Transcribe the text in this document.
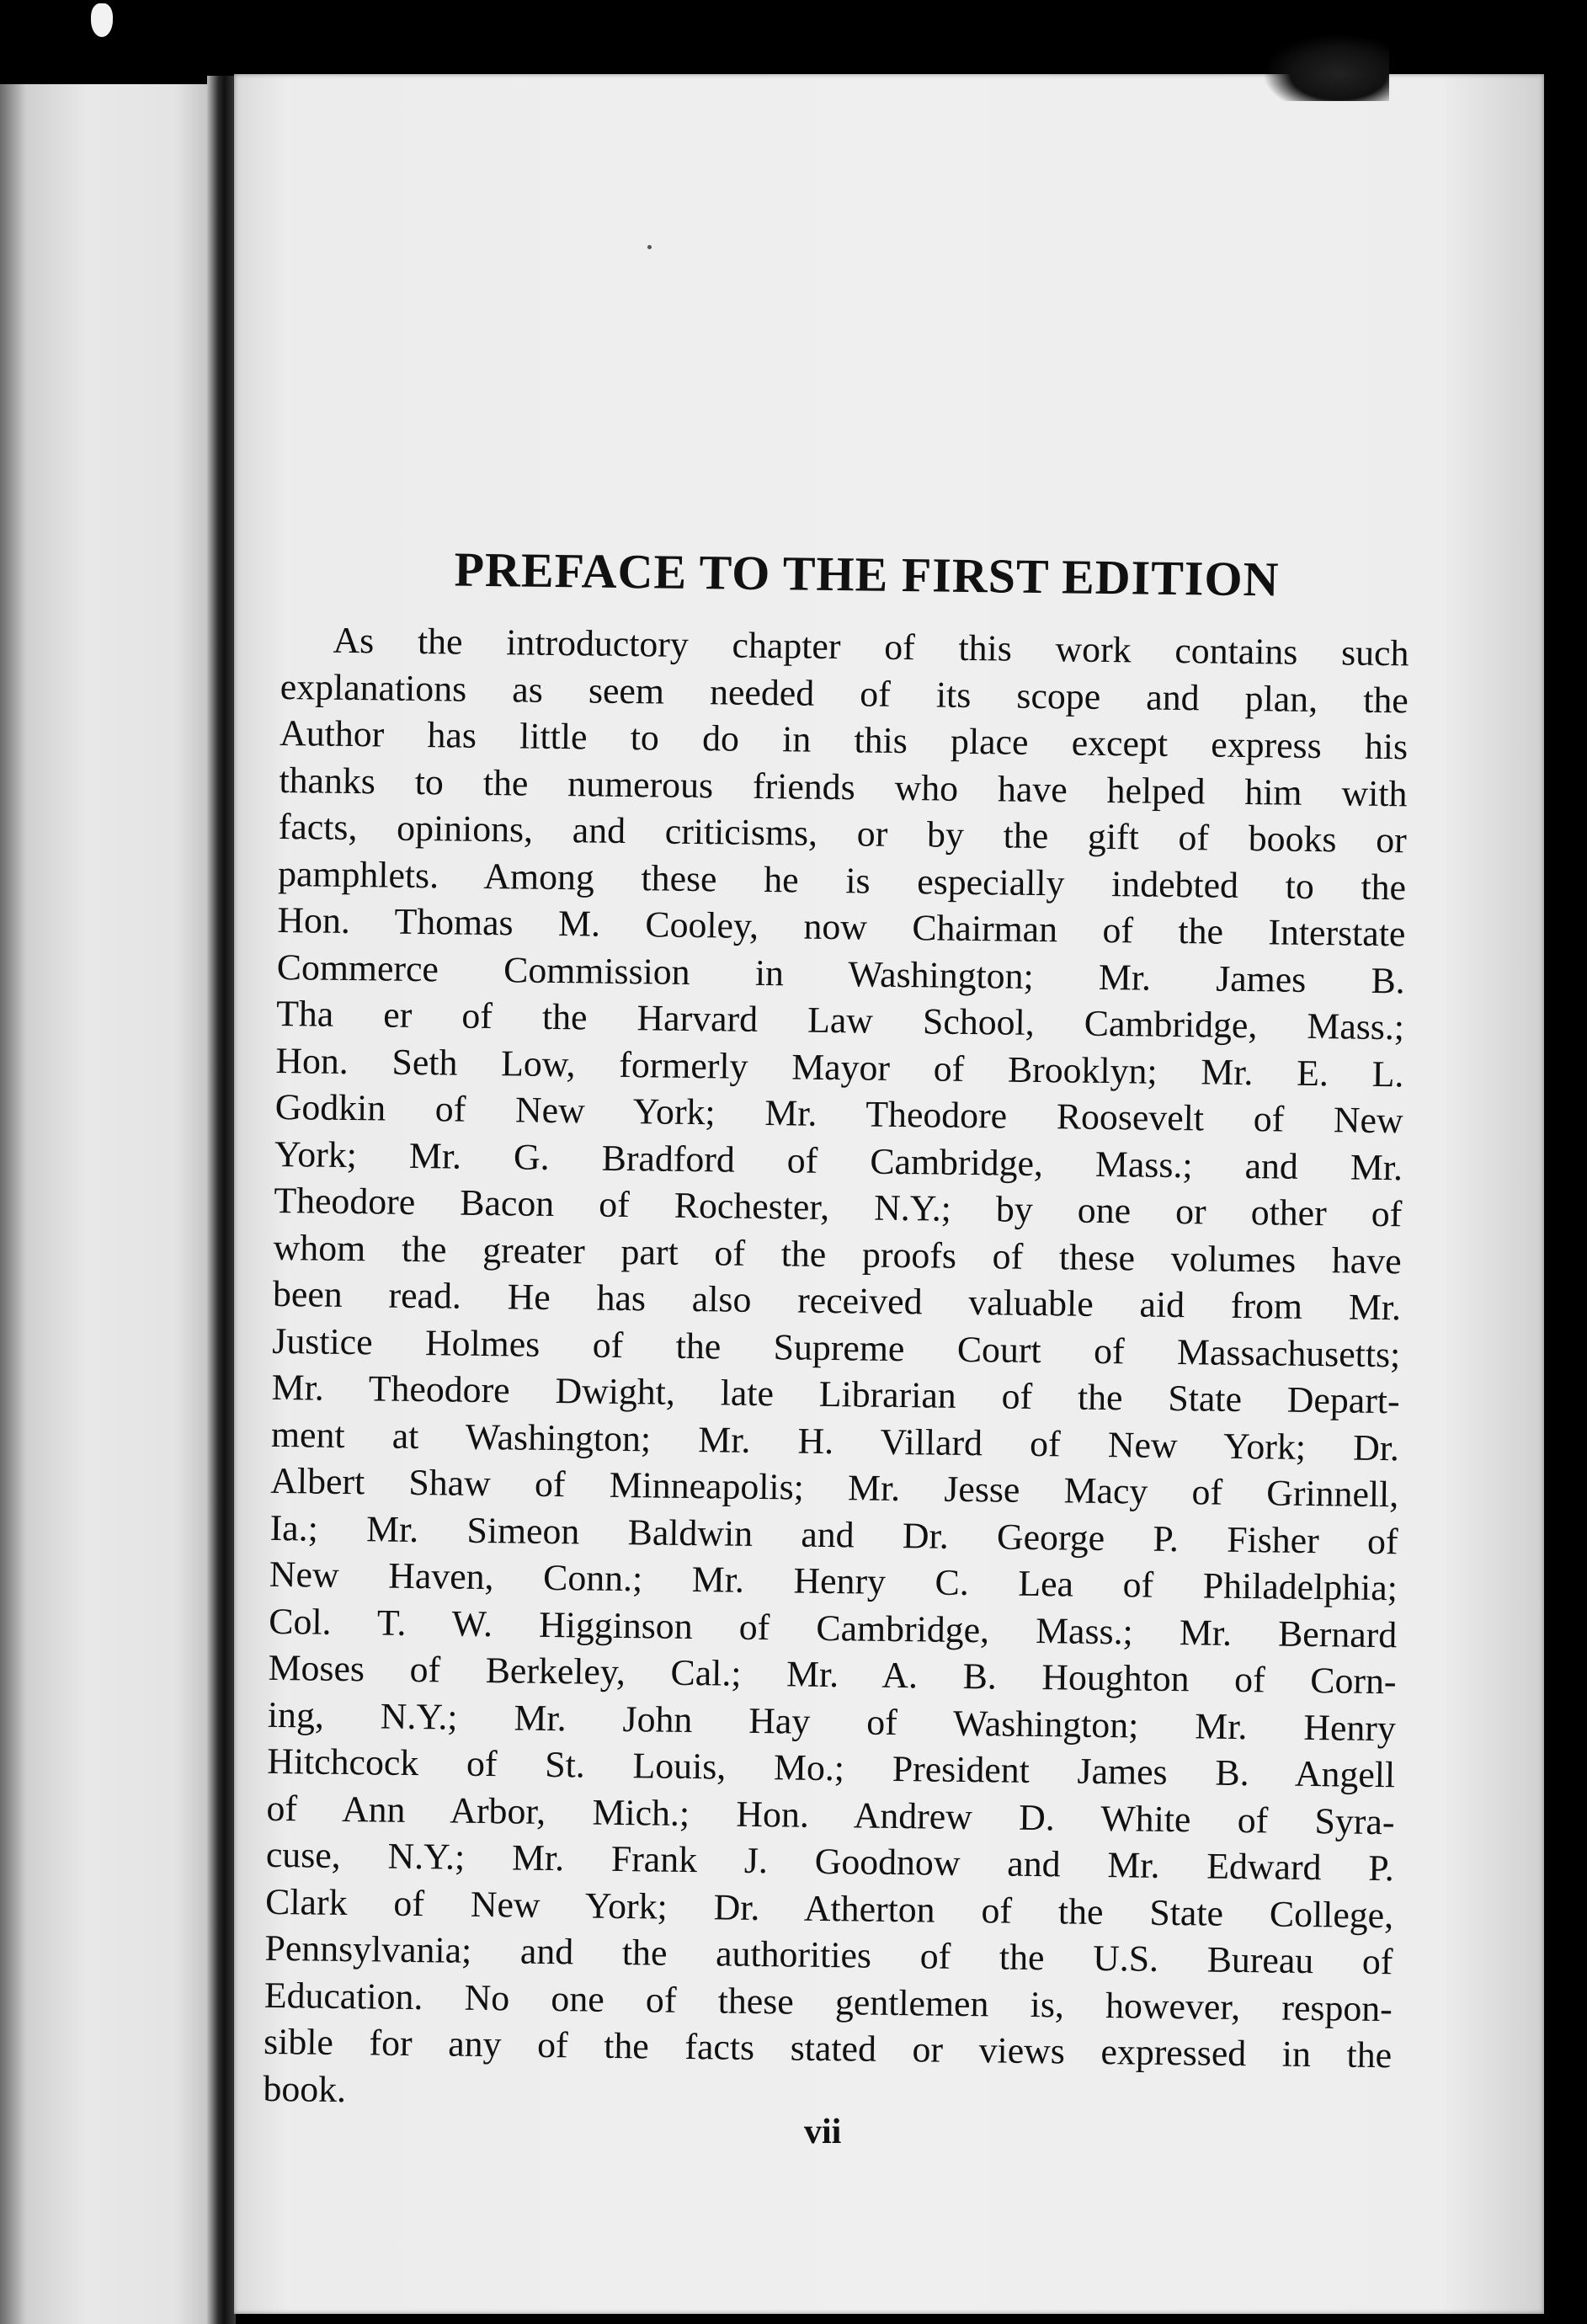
PREFACE TO THE FIRST EDITION
As the introductory chapter of this work contains such
explanations as seem needed of its scope and plan, the
Author has little to do in this place except express his
thanks to the numerous friends who have helped him with
facts, opinions, and criticisms, or by the gift of books or
pamphlets. Among these he is especially indebted to the
Hon. Thomas M. Cooley, now Chairman of the Interstate
Commerce Commission in Washington; Mr. James B.
Tha er of the Harvard Law School, Cambridge, Mass.;
Hon. Seth Low, formerly Mayor of Brooklyn; Mr. E. L.
Godkin of New York; Mr. Theodore Roosevelt of New
York; Mr. G. Bradford of Cambridge, Mass.; and Mr.
Theodore Bacon of Rochester, N.Y.; by one or other of
whom the greater part of the proofs of these volumes have
been read. He has also received valuable aid from Mr.
Justice Holmes of the Supreme Court of Massachusetts;
Mr. Theodore Dwight, late Librarian of the State Depart-
ment at Washington; Mr. H. Villard of New York; Dr.
Albert Shaw of Minneapolis; Mr. Jesse Macy of Grinnell,
Ia.; Mr. Simeon Baldwin and Dr. George P. Fisher of
New Haven, Conn.; Mr. Henry C. Lea of Philadelphia;
Col. T. W. Higginson of Cambridge, Mass.; Mr. Bernard
Moses of Berkeley, Cal.; Mr. A. B. Houghton of Corn-
ing, N.Y.; Mr. John Hay of Washington; Mr. Henry
Hitchcock of St. Louis, Mo.; President James B. Angell
of Ann Arbor, Mich.; Hon. Andrew D. White of Syra-
cuse, N.Y.; Mr. Frank J. Goodnow and Mr. Edward P.
Clark of New York; Dr. Atherton of the State College,
Pennsylvania; and the authorities of the U.S. Bureau of
Education. No one of these gentlemen is, however, respon-
sible for any of the facts stated or views expressed in the
book.
vii
